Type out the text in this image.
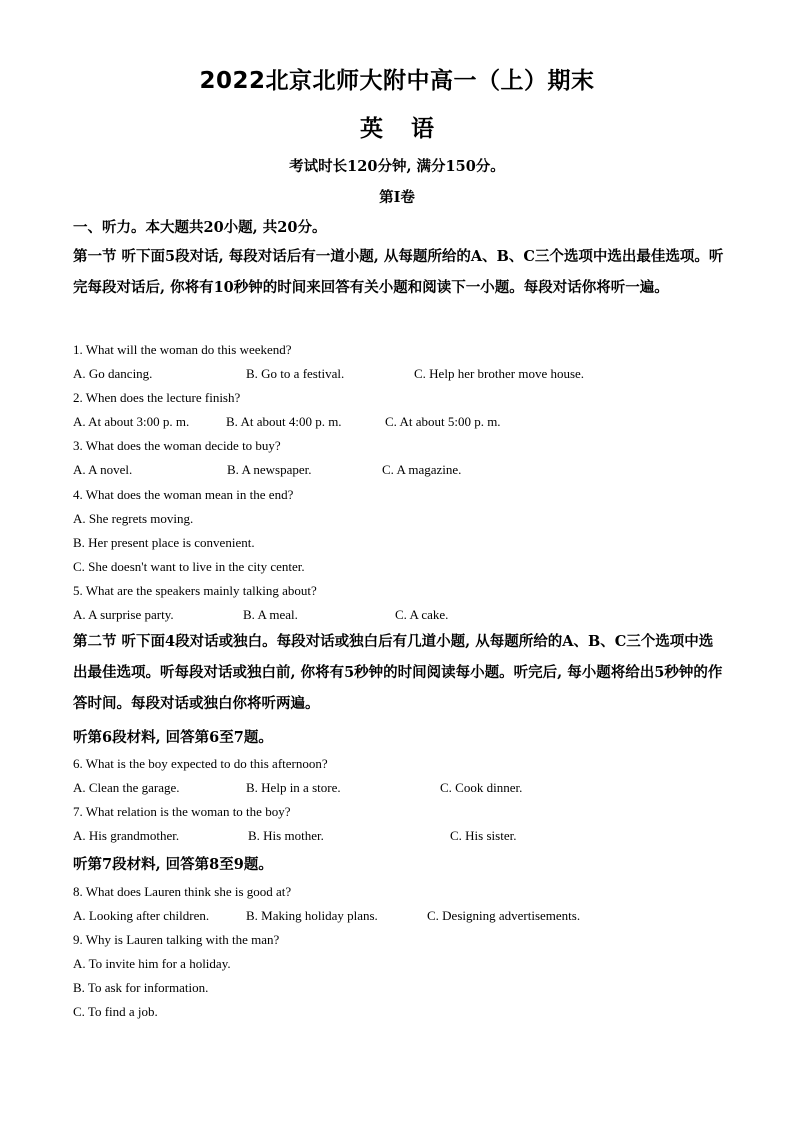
2022北京北师大附中高一（上）期末
英语
考试时长120分钟, 满分150分。
第I卷
一、听力。本大题共20小题, 共20分。
第一节 听下面5段对话, 每段对话后有一道小题, 从每题所给的A、B、C三个选项中选出最佳选项。听完每段对话后, 你将有10秒钟的时间来回答有关小题和阅读下一小题。每段对话你将听一遍。
1. What will the woman do this weekend?
A. Go dancing.	B. Go to a festival.	C. Help her brother move house.
2. When does the lecture finish?
A. At about 3:00 p. m.	B. At about 4:00 p. m.	C. At about 5:00 p. m.
3. What does the woman decide to buy?
A. A novel.	B. A newspaper.	C. A magazine.
4. What does the woman mean in the end?
A. She regrets moving.
B. Her present place is convenient.
C. She doesn't want to live in the city center.
5. What are the speakers mainly talking about?
A. A surprise party.	B. A meal.	C. A cake.
第二节 听下面4段对话或独白。每段对话或独白后有几道小题, 从每题所给的A、B、C三个选项中选出最佳选项。听每段对话或独白前, 你将有5秒钟的时间阅读每小题。听完后, 每小题将给出5秒钟的作答时间。每段对话或独白你将听两遍。
听第6段材料, 回答第6至7题。
6. What is the boy expected to do this afternoon?
A. Clean the garage.	B. Help in a store.	C. Cook dinner.
7. What relation is the woman to the boy?
A. His grandmother.	B. His mother.	C. His sister.
听第7段材料, 回答第8至9题。
8. What does Lauren think she is good at?
A. Looking after children.	B. Making holiday plans.	C. Designing advertisements.
9. Why is Lauren talking with the man?
A. To invite him for a holiday.
B. To ask for information.
C. To find a job.
